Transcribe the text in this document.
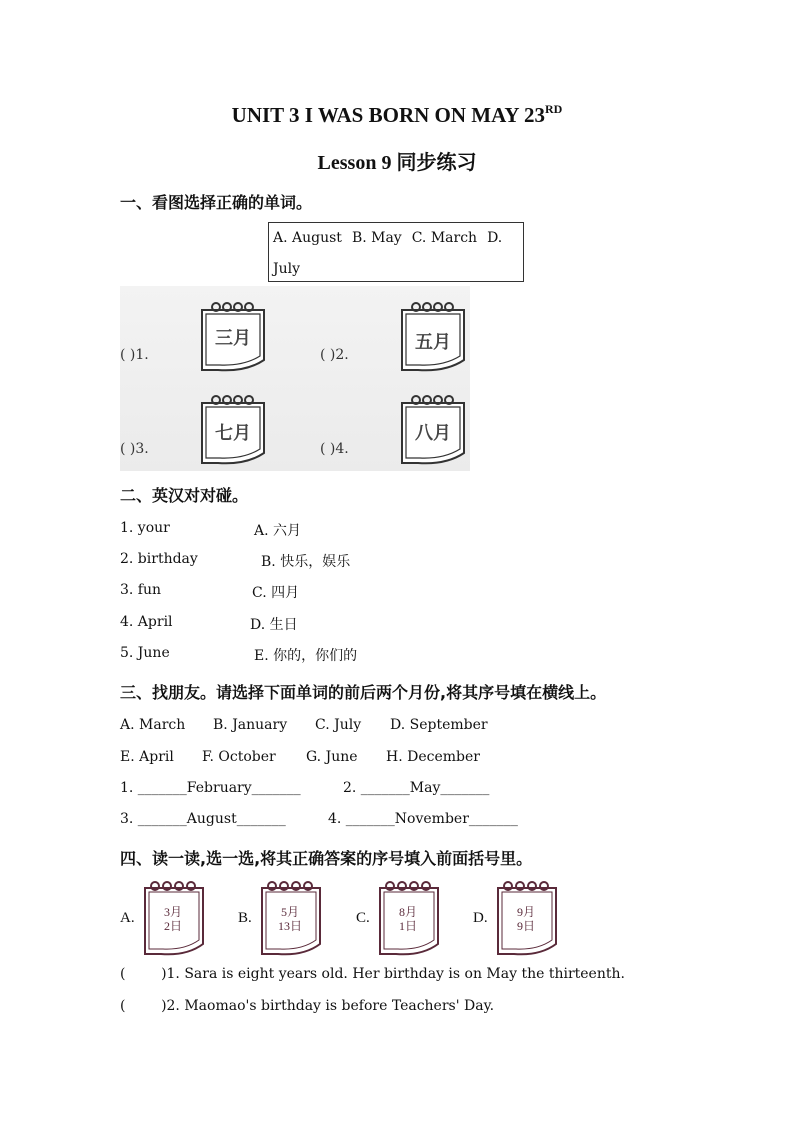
UNIT 3 I WAS BORN ON MAY 23RD
Lesson 9 同步练习
一、看图选择正确的单词。
A. August B. May C. March D.
July
( )1.
三月
( )2.
五月
( )3.
七月
( )4.
八月
二、英汉对对碰。
1. your	A. 六月
2. birthday	B. 快乐，娱乐
3. fun	C. 四月
4. April	D. 生日
5. June	E. 你的，你们的
三、找朋友。请选择下面单词的前后两个月份,将其序号填在横线上。
A. March B. January C. July D. September
E. April F. October G. June H. December
1. _______February_______	2. _______May_______
3. _______August_______	4. _______November_______
四、读一读,选一选,将其正确答案的序号填入前面括号里。
A.	3月
2日	B.	5月
13日	C.	8月
1日	D.	9月
9日
(        )1. Sara is eight years old. Her birthday is on May the thirteenth.
(        )2. Maomao's birthday is before Teachers' Day.
